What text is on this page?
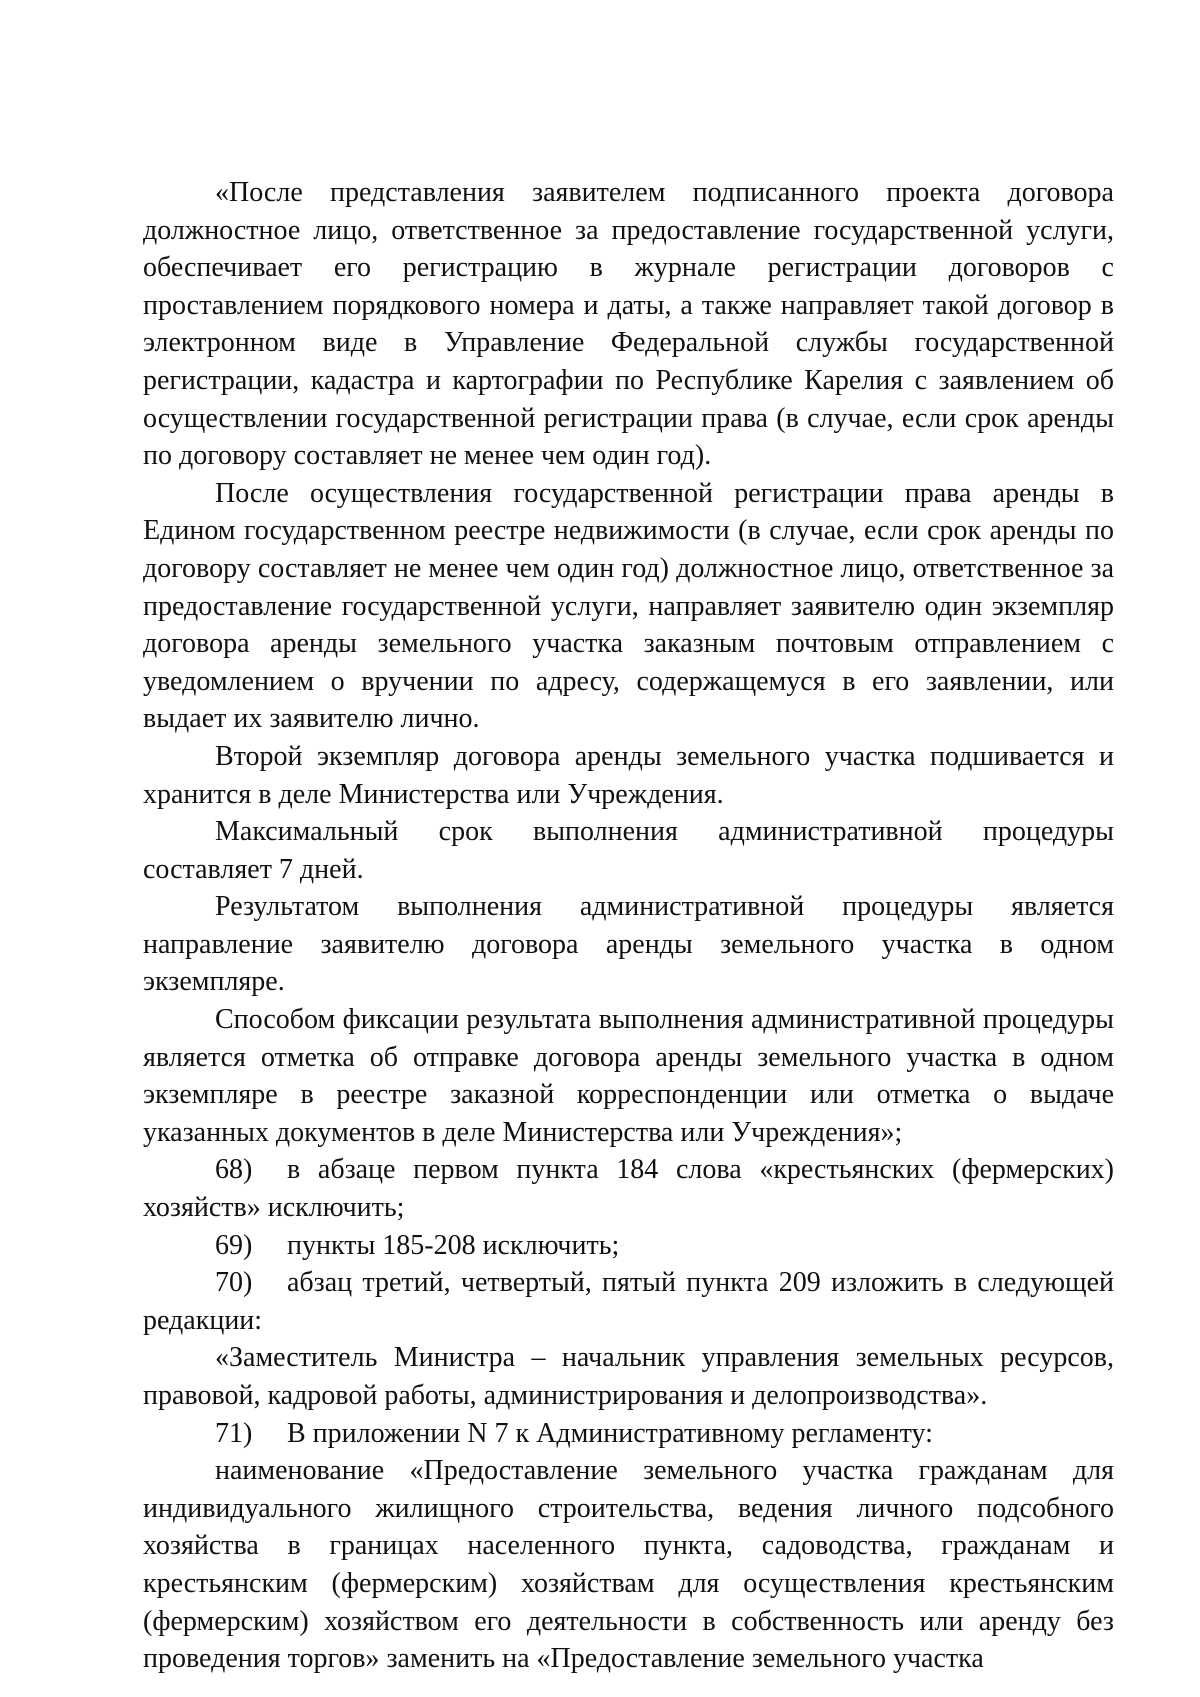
«После представления заявителем подписанного проекта договора должностное лицо, ответственное за предоставление государственной услуги, обеспечивает его регистрацию в журнале регистрации договоров с проставлением порядкового номера и даты, а также направляет такой договор в электронном виде в Управление Федеральной службы государственной регистрации, кадастра и картографии по Республике Карелия с заявлением об осуществлении государственной регистрации права (в случае, если срок аренды по договору составляет не менее чем один год).

После осуществления государственной регистрации права аренды в Едином государственном реестре недвижимости (в случае, если срок аренды по договору составляет не менее чем один год) должностное лицо, ответственное за предоставление государственной услуги, направляет заявителю один экземпляр договора аренды земельного участка заказным почтовым отправлением с уведомлением о вручении по адресу, содержащемуся в его заявлении, или выдает их заявителю лично.

Второй экземпляр договора аренды земельного участка подшивается и хранится в деле Министерства или Учреждения.

Максимальный срок выполнения административной процедуры составляет 7 дней.

Результатом выполнения административной процедуры является направление заявителю договора аренды земельного участка в одном экземпляре.

Способом фиксации результата выполнения административной процедуры является отметка об отправке договора аренды земельного участка в одном экземпляре в реестре заказной корреспонденции или отметка о выдаче указанных документов в деле Министерства или Учреждения»;

68) в абзаце первом пункта 184 слова «крестьянских (фермерских) хозяйств» исключить;

69) пункты 185-208 исключить;

70) абзац третий, четвертый, пятый пункта 209 изложить в следующей редакции:

«Заместитель Министра – начальник управления земельных ресурсов, правовой, кадровой работы, администрирования и делопроизводства».

71) В приложении N 7 к Административному регламенту:

наименование «Предоставление земельного участка гражданам для индивидуального жилищного строительства, ведения личного подсобного хозяйства в границах населенного пункта, садоводства, гражданам и крестьянским (фермерским) хозяйствам для осуществления крестьянским (фермерским) хозяйством его деятельности в собственность или аренду без проведения торгов» заменить на «Предоставление земельного участка
